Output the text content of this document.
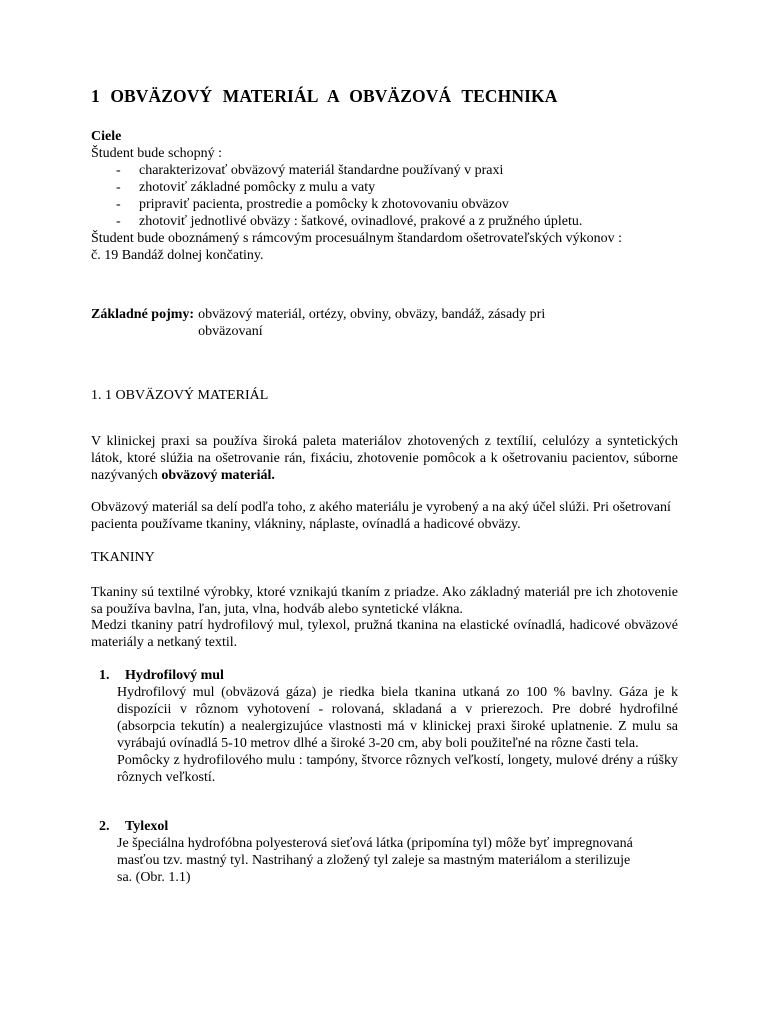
1 OBVÄZOVÝ MATERIÁL A OBVÄZOVÁ TECHNIKA
Ciele
Študent bude schopný :
- charakterizovať obväzový materiál štandardne používaný v praxi
- zhotoviť základné pomôcky z mulu a vaty
- pripraviť pacienta, prostredie a pomôcky k zhotovovaniu obväzov
- zhotoviť jednotlivé obväzy : šatkové, ovinadlové, prakové a z pružného úpletu.
Študent bude oboznámený s rámcovým procesuálnym štandardom ošetrovateľských výkonov :
č. 19 Bandáž dolnej končatiny.
Základné pojmy: obväzový materiál, ortézy, obviny, obväzy, bandáž, zásady pri obväzovaní
1. 1 OBVÄZOVÝ MATERIÁL
V klinickej praxi sa používa široká paleta materiálov zhotovených z textílií, celulózy a syntetických látok, ktoré slúžia na ošetrovanie rán, fixáciu, zhotovenie pomôcok a k ošetrovaniu pacientov, súborne nazývaných obväzový materiál.
Obväzový materiál sa delí podľa toho, z akého materiálu je vyrobený a na aký účel slúži. Pri ošetrovaní pacienta používame tkaniny, vlákniny, náplaste, ovínadlá a hadicové obväzy.
TKANINY
Tkaniny sú textilné výrobky, ktoré vznikajú tkaním z priadze. Ako základný materiál pre ich zhotovenie sa používa bavlna, ľan, juta, vlna, hodváb alebo syntetické vlákna.
Medzi tkaniny patrí hydrofilový mul, tylexol, pružná tkanina na elastické ovínadlá, hadicové obväzové materiály a netkaný textil.
1.	Hydrofilový mul
Hydrofilový mul (obväzová gáza) je riedka biela tkanina utkaná zo 100 % bavlny. Gáza je k dispozícii v rôznom vyhotovení - rolovaná, skladaná a v prierezoch. Pre dobré hydrofilné (absorpcia tekutín) a nealergizujúce vlastnosti má v klinickej praxi široké uplatnenie. Z mulu sa vyrábajú ovínadlá 5-10 metrov dlhé a široké 3-20 cm, aby boli použiteľné na rôzne časti tela.
Pomôcky z hydrofilového mulu : tampóny, štvorce rôznych veľkostí, longety, mulové drény a rúšky rôznych veľkostí.
2.	Tylexol
Je špeciálna hydrofóbna polyesterová sieťová látka (pripomína tyl) môže byť impregnovaná masťou tzv. mastný tyl. Nastrihaný a zložený tyl zaleje sa mastným materiálom a sterilizuje sa. (Obr. 1.1)
